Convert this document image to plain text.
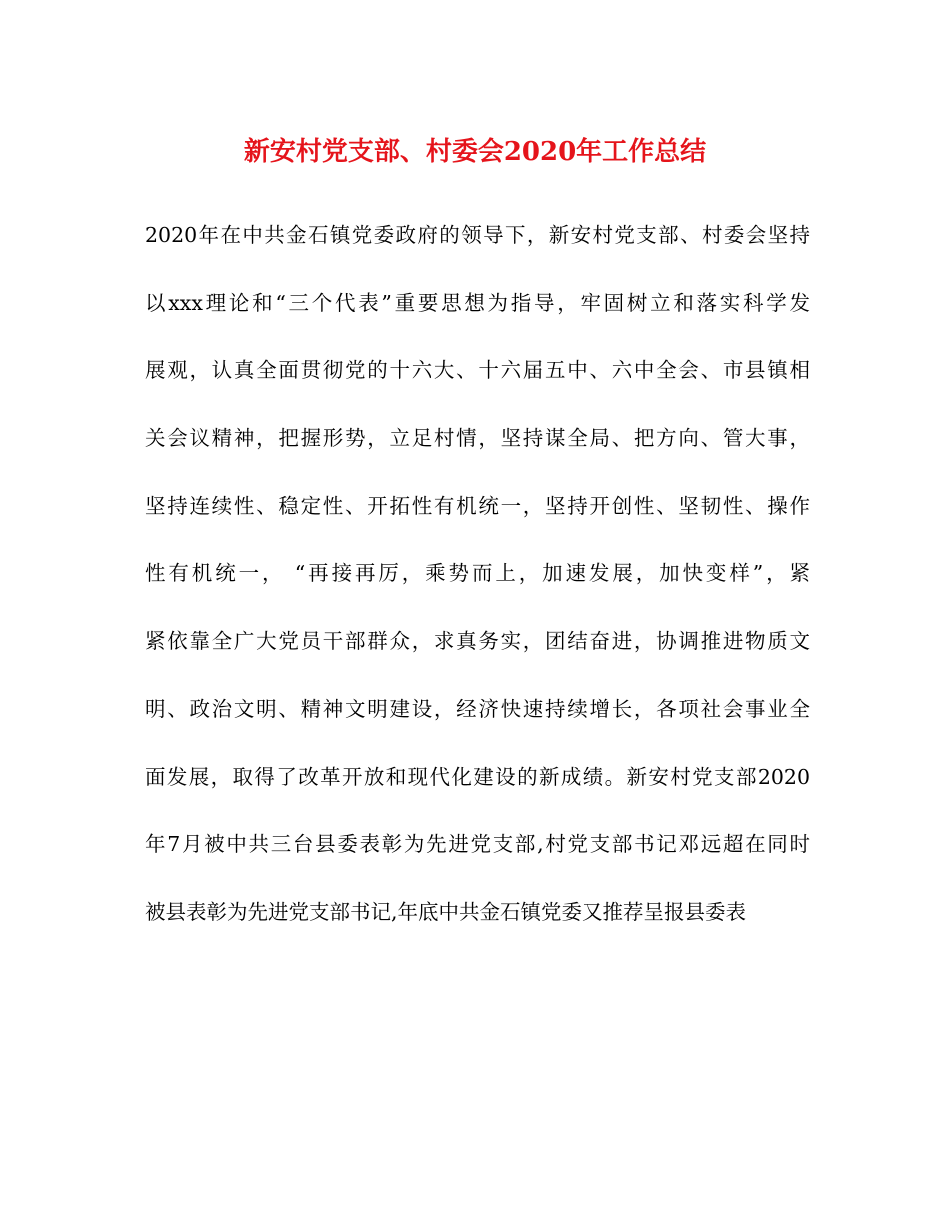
新安村党支部、村委会2020年工作总结
2020年在中共金石镇党委政府的领导下，新安村党支部、村委会坚持
以xxx理论和“三个代表”重要思想为指导，牢固树立和落实科学发
展观，认真全面贯彻党的十六大、十六届五中、六中全会、市县镇相
关会议精神，把握形势，立足村情，坚持谋全局、把方向、管大事，
坚持连续性、稳定性、开拓性有机统一，坚持开创性、坚韧性、操作
性有机统一， “再接再厉，乘势而上，加速发展，加快变样”，紧
紧依靠全广大党员干部群众，求真务实，团结奋进，协调推进物质文
明、政治文明、精神文明建设，经济快速持续增长，各项社会事业全
面发展，取得了改革开放和现代化建设的新成绩。新安村党支部2020
年7月被中共三台县委表彰为先进党支部,村党支部书记邓远超在同时
被县表彰为先进党支部书记,年底中共金石镇党委又推荐呈报县委表
